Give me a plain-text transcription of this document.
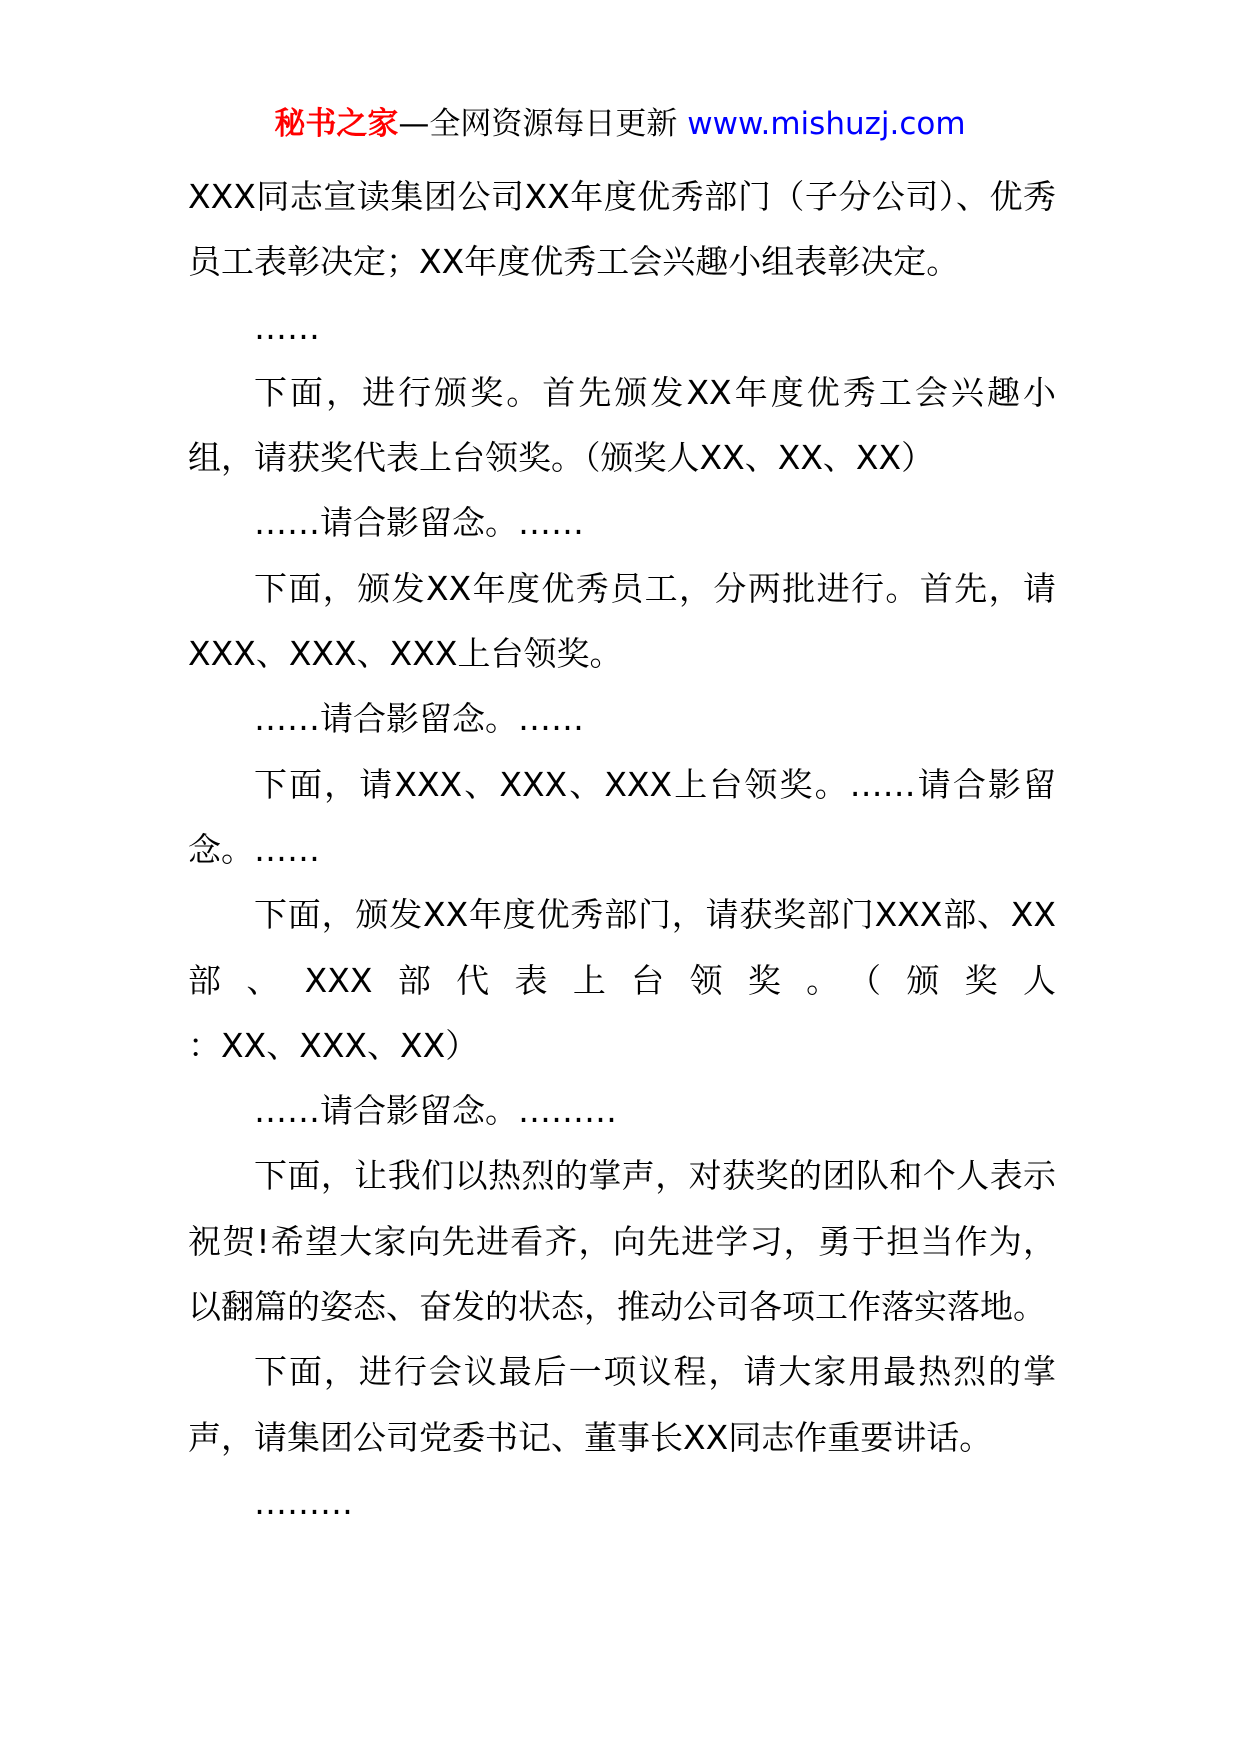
秘书之家—全网资源每日更新 www.mishuzj.com

XXX同志宣读集团公司XX年度优秀部门（子分公司）、优秀员工表彰决定；XX年度优秀工会兴趣小组表彰决定。

……

下面，进行颁奖。首先颁发XX年度优秀工会兴趣小组，请获奖代表上台领奖。（颁奖人XX、XX、XX）

……请合影留念。……

下面，颁发XX年度优秀员工，分两批进行。首先，请XXX、XXX、XXX上台领奖。

……请合影留念。……

下面，请XXX、XXX、XXX上台领奖。……请合影留念。……

下面，颁发XX年度优秀部门，请获奖部门XXX部、XX部、XXX部代表上台领奖。（颁奖人

：XX、XXX、XX）

……请合影留念。………

下面，让我们以热烈的掌声，对获奖的团队和个人表示祝贺!希望大家向先进看齐，向先进学习，勇于担当作为，以翻篇的姿态、奋发的状态，推动公司各项工作落实落地。

下面，进行会议最后一项议程，请大家用最热烈的掌声，请集团公司党委书记、董事长XX同志作重要讲话。

………
